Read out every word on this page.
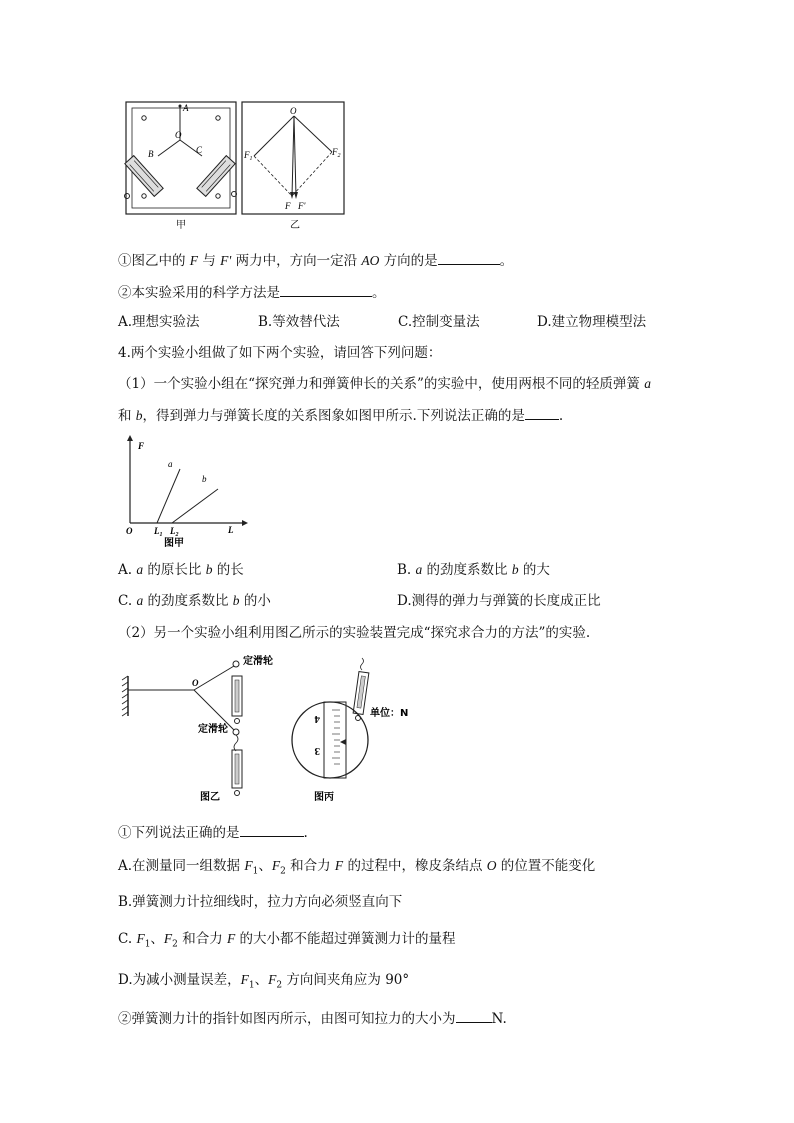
A
O
B	C
甲
O
$F_1$
$F_2$
F F'
乙
①图乙中的 F 与 F' 两力中，方向一定沿 AO 方向的是	。
②本实验采用的科学方法是	。
A.理想实验法	B.等效替代法	C.控制变量法	D.建立物理模型法
4.两个实验小组做了如下两个实验，请回答下列问题：
（1）一个实验小组在“探究弹力和弹簧伸长的关系”的实验中，使用两根不同的轻质弹簧 a
和 b，得到弹力与弹簧长度的关系图象如图甲所示.下列说法正确的是	.
F
O	L
a
b
$L_1$ $L_2$
图甲
A. a 的原长比 b 的长	B. a 的劲度系数比 b 的大
C. a 的劲度系数比 b 的小	D.测得的弹力与弹簧的长度成正比
（2）另一个实验小组利用图乙所示的实验装置完成“探究求合力的方法”的实验.
O
定滑轮
定滑轮
图乙
4
3
单位：N
图丙
①下列说法正确的是	.
A.在测量同一组数据 $F_1$、$F_2$ 和合力 F 的过程中，橡皮条结点 O 的位置不能变化
B.弹簧测力计拉细线时，拉力方向必须竖直向下
C. $F_1$、$F_2$ 和合力 F 的大小都不能超过弹簧测力计的量程
D.为减小测量误差，$F_1$、$F_2$ 方向间夹角应为 90°
②弹簧测力计的指针如图丙所示，由图可知拉力的大小为	N.
